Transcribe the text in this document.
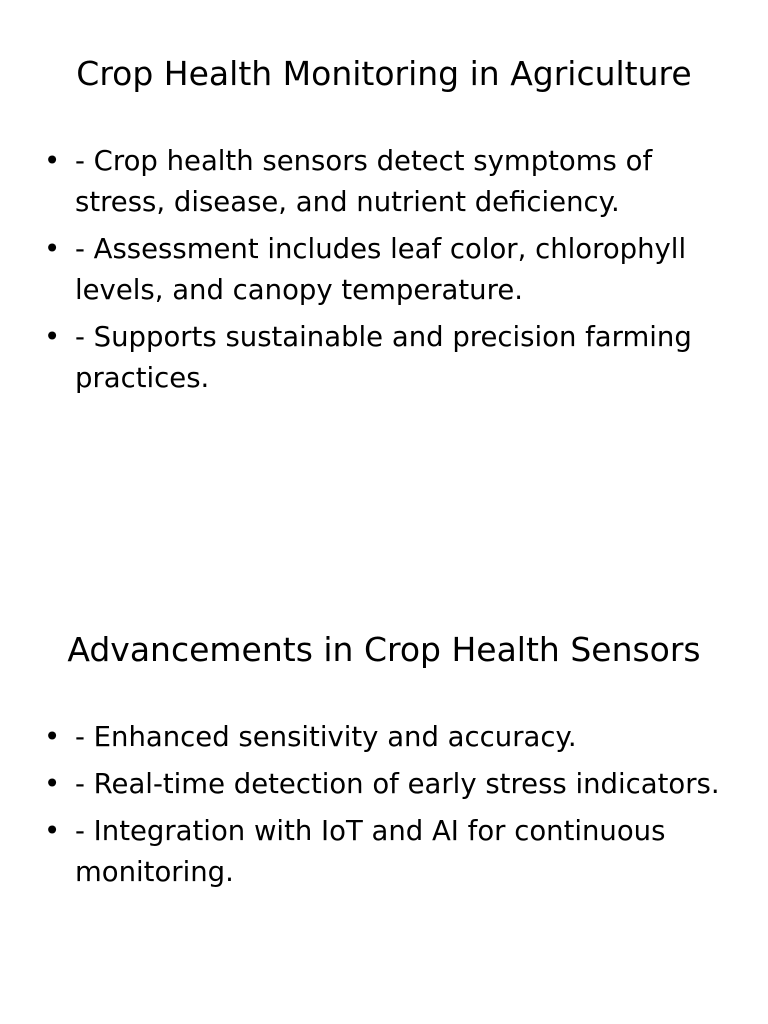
Crop Health Monitoring in Agriculture
• - Crop health sensors detect symptoms of stress, disease, and nutrient deficiency.
• - Assessment includes leaf color, chlorophyll levels, and canopy temperature.
• - Supports sustainable and precision farming practices.
Advancements in Crop Health Sensors
• - Enhanced sensitivity and accuracy.
• - Real-time detection of early stress indicators.
• - Integration with IoT and AI for continuous monitoring.
